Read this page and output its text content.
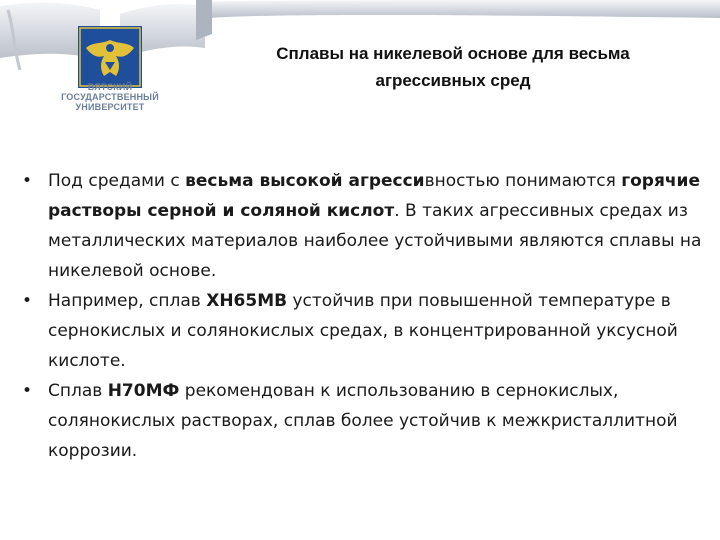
ВЯТСКИЙ
ГОСУДАРСТВЕННЫЙ
УНИВЕРСИТЕТ
Сплавы на никелевой основе для весьма
агрессивных сред
• Под средами с весьма высокой агрессивностью понимаются горячие растворы серной и соляной кислот. В таких агрессивных средах из металлических материалов наиболее устойчивыми являются сплавы на никелевой основе.
• Например, сплав ХН65МВ устойчив при повышенной температуре в сернокислых и солянокислых средах, в концентрированной уксусной кислоте.
• Сплав Н70МФ рекомендован к использованию в сернокислых, солянокислых растворах, сплав более устойчив к межкристаллитной коррозии.
